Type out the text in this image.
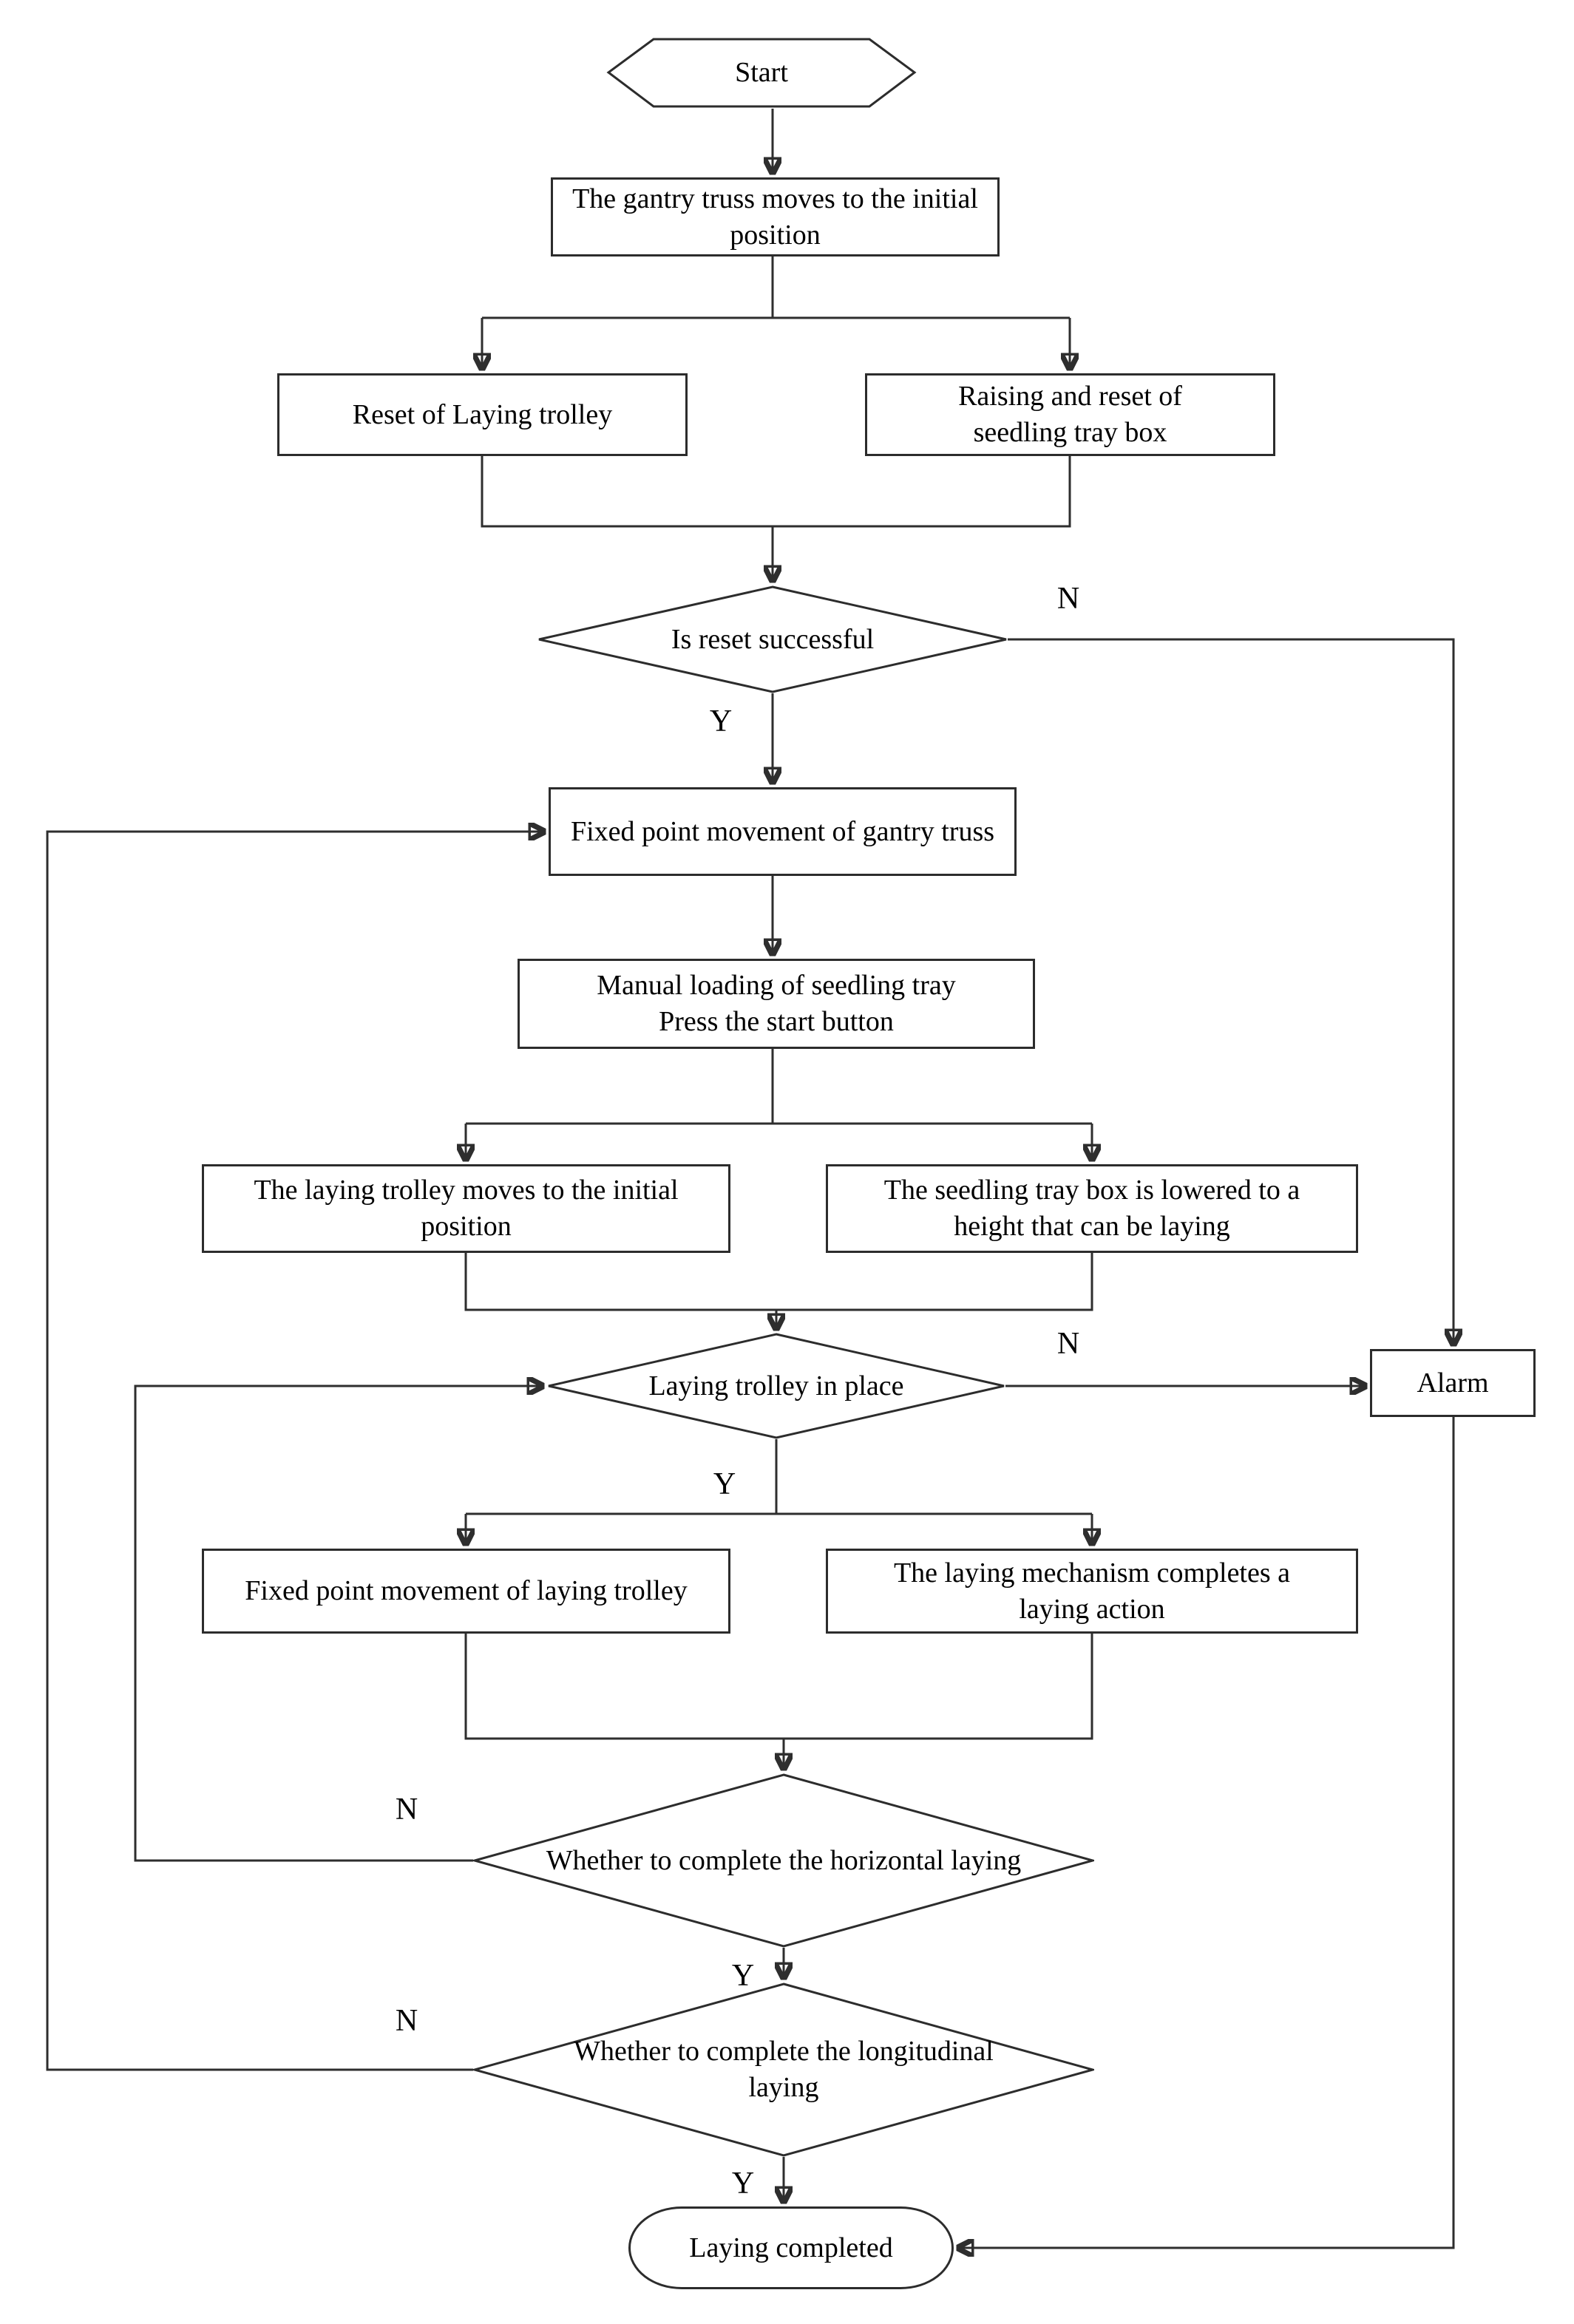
Start
The gantry truss moves to the initial position
Reset of Laying trolley
Raising and reset of seedling tray box
Is reset successful
Fixed point movement of gantry truss
Manual loading of seedling tray
Press the start button
The laying trolley moves to the initial position
The seedling tray box is lowered to a height that can be laying
Laying trolley in place	Alarm
Fixed point movement of laying trolley
The laying mechanism completes a laying action
Whether to complete the horizontal laying
Whether to complete the longitudinal laying
Laying completed
N
Y
N
Y
N
Y
N
Y
